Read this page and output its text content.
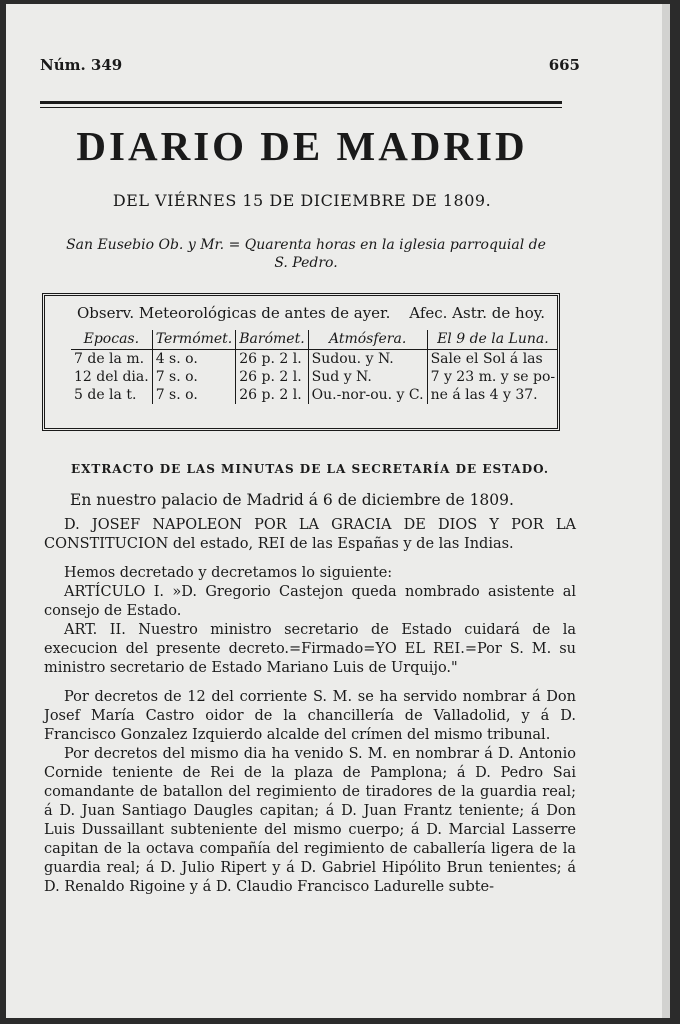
Núm. 349	665
DIARIO DE MADRID
DEL VIÉRNES 15 DE DICIEMBRE DE 1809.
San Eusebio Ob. y Mr. = Quarenta horas en la iglesia parroquial de S. Pedro.
Observ. Meteorológicas de antes de ayer. Afec. Astr. de hoy.
Epocas.	Termómet.	Barómet.	Atmósfera.	El 9 de la Luna.
7 de la m.	4 s. o.	26 p. 2 l.	Sudou. y N.	Sale el Sol á las
12 del dia.	7 s. o.	26 p. 2 l.	Sud y N.	7 y 23 m. y se po-
5 de la t.	7 s. o.	26 p. 2 l.	Ou.-nor-ou. y C.	ne á las 4 y 37.

EXTRACTO DE LAS MINUTAS DE LA SECRETARÍA DE ESTADO.

En nuestro palacio de Madrid á 6 de diciembre de 1809.

D. JOSEF NAPOLEON POR LA GRACIA DE DIOS Y POR LA CONSTITUCION del estado, REI de las Españas y de las Indias.

Hemos decretado y decretamos lo siguiente:

ARTÍCULO I. »D. Gregorio Castejon queda nombrado asistente al consejo de Estado.

ART. II. Nuestro ministro secretario de Estado cuidará de la execucion del presente decreto.=Firmado=YO EL REI.=Por S. M. su ministro secretario de Estado Mariano Luis de Urquijo."

Por decretos de 12 del corriente S. M. se ha servido nombrar á Don Josef María Castro oidor de la chancillería de Valladolid, y á D. Francisco Gonzalez Izquierdo alcalde del crímen del mismo tribunal.

Por decretos del mismo dia ha venido S. M. en nombrar á D. Antonio Cornide teniente de Rei de la plaza de Pamplona; á D. Pedro Sai comandante de batallon del regimiento de tiradores de la guardia real; á D. Juan Santiago Daugles capitan; á D. Juan Frantz teniente; á Don Luis Dussaillant subteniente del mismo cuerpo; á D. Marcial Lasserre capitan de la octava compañía del regimiento de caballería ligera de la guardia real; á D. Julio Ripert y á D. Gabriel Hipólito Brun tenientes; á D. Renaldo Rigoine y á D. Claudio Francisco Ladurelle subte-
